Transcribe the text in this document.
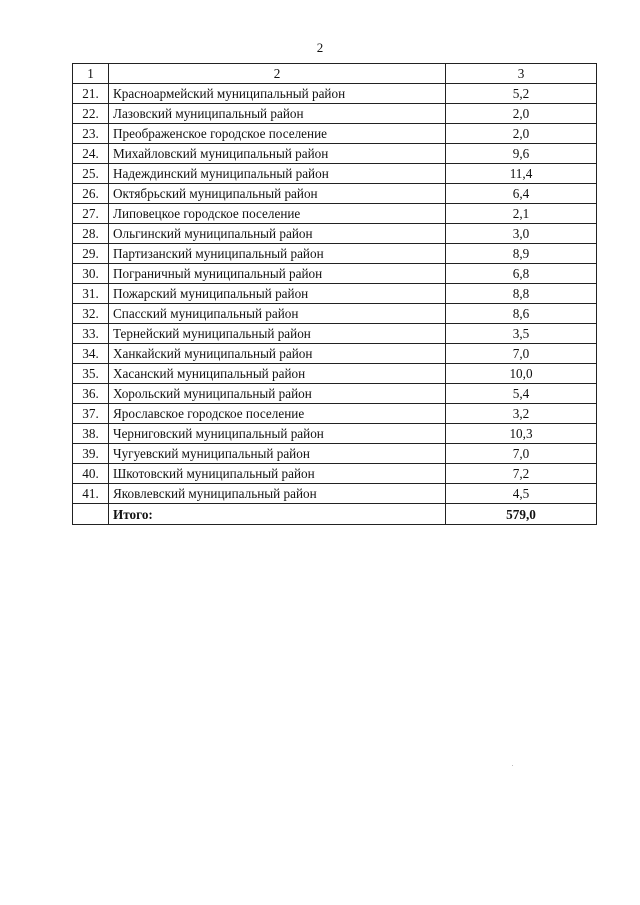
2
1	2	3
21.	Красноармейский муниципальный район	5,2
22.	Лазовский муниципальный район	2,0
23.	Преображенское городское поселение	2,0
24.	Михайловский муниципальный район	9,6
25.	Надеждинский муниципальный район	11,4
26.	Октябрьский муниципальный район	6,4
27.	Липовецкое городское поселение	2,1
28.	Ольгинский муниципальный район	3,0
29.	Партизанский муниципальный район	8,9
30.	Пограничный муниципальный район	6,8
31.	Пожарский муниципальный район	8,8
32.	Спасский муниципальный район	8,6
33.	Тернейский муниципальный район	3,5
34.	Ханкайский муниципальный район	7,0
35.	Хасанский муниципальный район	10,0
36.	Хорольский муниципальный район	5,4
37.	Ярославское городское поселение	3,2
38.	Черниговский муниципальный район	10,3
39.	Чугуевский муниципальный район	7,0
40.	Шкотовский муниципальный район	7,2
41.	Яковлевский муниципальный район	4,5
	Итого:	579,0
